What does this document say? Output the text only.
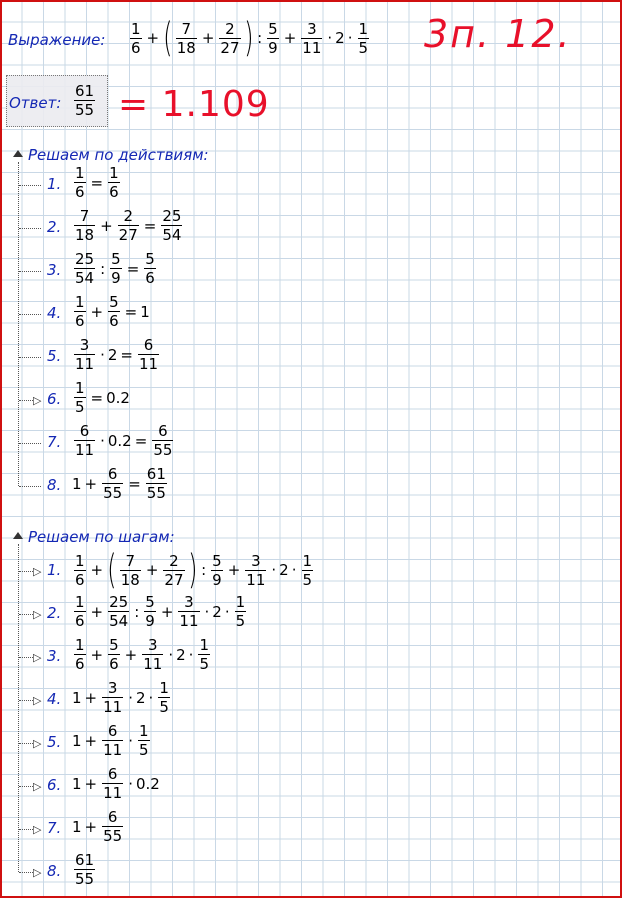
Выражение: $\frac{1}{6}$ + ( $\frac{7}{18} + \frac{2}{27}$ ) : $\frac{5}{9} + \frac{3}{11} \cdot 2 \cdot \frac{1}{5} 3п$. 12.
Ответ: $\frac{61}{55} = 1.109$
Решаем по действиям:
1. $\frac{1}{6} = \frac{1}{6}$
2. $\frac{7}{18} + \frac{2}{27} = \frac{25}{54}$
3. $\frac{25}{54}$ : $\frac{5}{9} = \frac{5}{6}$
4. $\frac{1}{6} + \frac{5}{6} = 1$
5. $\frac{3}{11} \cdot 2 = \frac{6}{11}$
▷ 6. $\frac{1}{5} = 0.2$
7. $\frac{6}{11} \cdot 0.2 = \frac{6}{55}$
8. $1 + \frac{6}{55} = \frac{61}{55}$
Решаем по шагам:
▷ 1. $\frac{1}{6}$ + ( $\frac{7}{18} + \frac{2}{27}$ ) : $\frac{5}{9} + \frac{3}{11} \cdot 2 \cdot \frac{1}{5}$
▷ 2. $\frac{1}{6} + \frac{25}{54}$ : $\frac{5}{9} + \frac{3}{11} \cdot 2 \cdot \frac{1}{5}$
▷ 3. $\frac{1}{6} + \frac{5}{6} + \frac{3}{11} \cdot 2 \cdot \frac{1}{5}$
▷ 4. $1 + \frac{3}{11} \cdot 2 \cdot \frac{1}{5}$
▷ 5. $1 + \frac{6}{11} \cdot \frac{1}{5}$
▷ 6. $1 + \frac{6}{11} \cdot 0.2$
▷ 7. $1 + \frac{6}{55}$
▷ 8. $\frac{61}{55}$
